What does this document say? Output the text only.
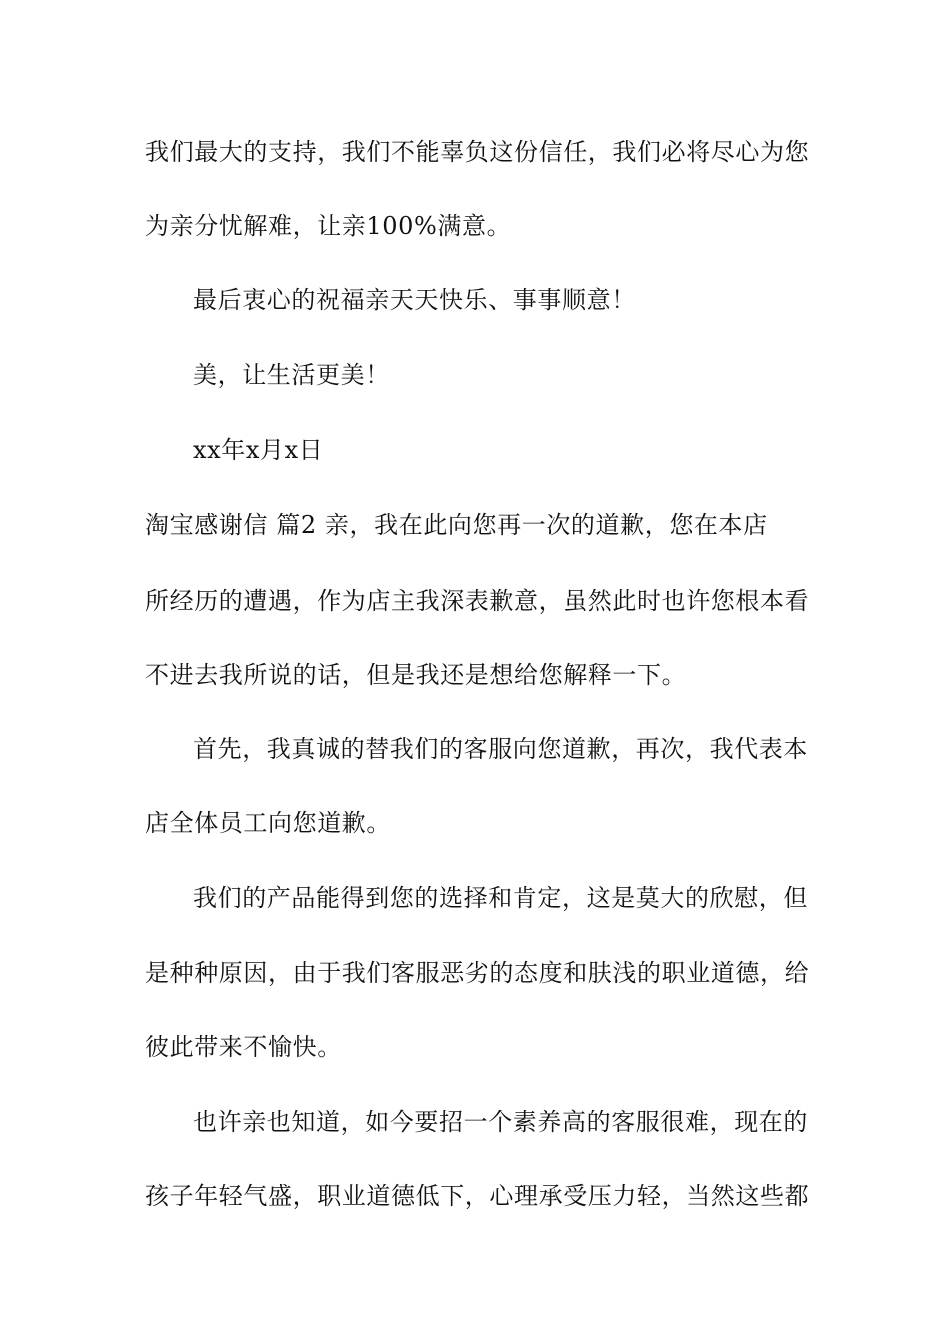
我们最大的支持，我们不能辜负这份信任，我们必将尽心为您
为亲分忧解难，让亲100%满意。
最后衷心的祝福亲天天快乐、事事顺意！
美，让生活更美！
xx年x月x日
淘宝感谢信 篇2 亲，我在此向您再一次的道歉，您在本店
所经历的遭遇，作为店主我深表歉意，虽然此时也许您根本看
不进去我所说的话，但是我还是想给您解释一下。
首先，我真诚的替我们的客服向您道歉，再次，我代表本
店全体员工向您道歉。
我们的产品能得到您的选择和肯定，这是莫大的欣慰，但
是种种原因，由于我们客服恶劣的态度和肤浅的职业道德，给
彼此带来不愉快。
也许亲也知道，如今要招一个素养高的客服很难，现在的
孩子年轻气盛，职业道德低下，心理承受压力轻，当然这些都
